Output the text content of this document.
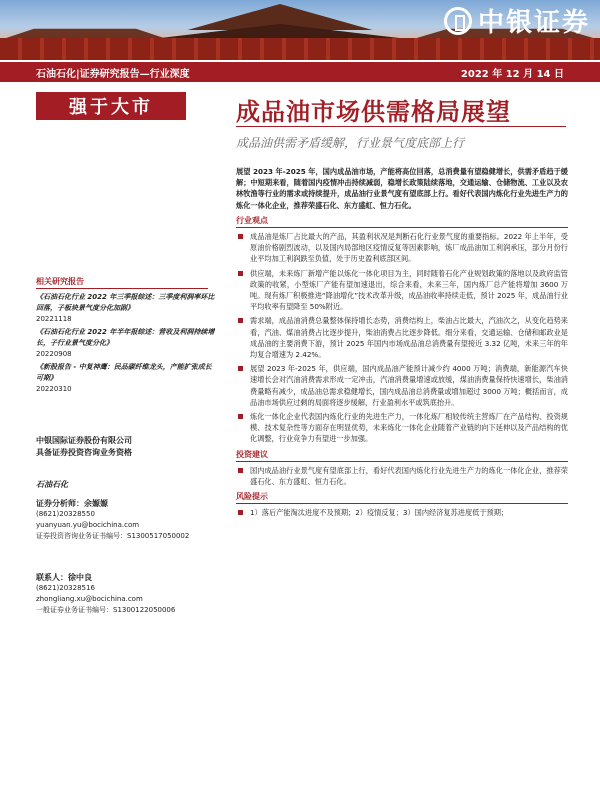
中银证券
石油石化|证券研究报告—行业深度	2022 年 12 月 14 日
强于大市	成品油市场供需格局展望
成品油供需矛盾缓解，行业景气度底部上行
相关研究报告
《石油石化行业 2022 年三季报综述：三季度利润率环比回落，子板块景气度分化加剧》
20221118
《石油石化行业 2022 年半年报综述：营收及利润持续增长，子行业景气度分化》
20220908
《新股报告 - 中复神鹰：民品碳纤维龙头，产能扩张成长可期》
20220310
中银国际证券股份有限公司
具备证券投资咨询业务资格
石油石化
证券分析师：余嫄嫄
(8621)20328550
yuanyuan.yu@bocichina.com
证券投资咨询业务证书编号：S1300517050002
联系人：徐中良
(8621)20328516
zhongliang.xu@bocichina.com
一般证券业务证书编号：S1300122050006

展望 2023 年-2025 年，国内成品油市场，产能将高位回落，总消费量有望稳健增长，供需矛盾趋于缓解；中短期来看，随着国内疫情冲击持续减弱，稳增长政策陆续落地，交通运输、仓储物流、工业以及农林牧渔等行业的需求或持续提升，成品油行业景气度有望底部上行。看好代表国内炼化行业先进生产力的炼化一体化企业，推荐荣盛石化、东方盛虹、恒力石化。

行业观点
成品油是炼厂占比最大的产品，其盈利状况是判断石化行业景气度的重要指标。2022 年上半年，受原油价格剧烈波动，以及国内局部地区疫情反复等因素影响，炼厂成品油加工利润承压，部分月份行业平均加工利润跌至负值，处于历史盈利底部区间。
供应端，未来炼厂新增产能以炼化一体化项目为主，同时随着石化产业规划政策的落地以及政府监管政策的收紧，小型炼厂产能有望加速退出，综合来看，未来三年，国内炼厂总产能将增加 3600 万吨。现有炼厂积极推进“降油增化”技术改革升级，成品油收率持续走低，预计 2025 年，成品油行业平均收率有望降至 50%附近。
需求端，成品油消费总量整体保持增长态势，消费结构上，柴油占比最大，汽油次之，从变化趋势来看，汽油、煤油消费占比逐步提升，柴油消费占比逐步降低。细分来看，交通运输、仓储和邮政业是成品油的主要消费下游，预计 2025 年国内市场成品油总消费量有望接近 3.32 亿吨，未来三年的年均复合增速为 2.42%。
展望 2023 年-2025 年，供应端，国内成品油产能预计减少约 4000 万吨；消费端，新能源汽车快速增长会对汽油消费需求形成一定冲击，汽油消费量增速或放缓，煤油消费量保持快速增长，柴油消费量略有减少，成品油总需求稳健增长，国内成品油总消费量或增加超过 3000 万吨；概括而言，成品油市场供应过剩的局面将逐步缓解，行业盈利水平或筑底抬升。
炼化一体化企业代表国内炼化行业的先进生产力，一体化炼厂相较传统主营炼厂在产品结构、投资规模、技术复杂性等方面存在明显优势，未来炼化一体化企业随着产业链的向下延伸以及产品结构的优化调整，行业竞争力有望进一步加强。
投资建议
国内成品油行业景气度有望底部上行，看好代表国内炼化行业先进生产力的炼化一体化企业，推荐荣盛石化、东方盛虹、恒力石化。
风险提示
1）落后产能淘汰进度不及预期；2）疫情反复；3）国内经济复苏进度低于预期；
